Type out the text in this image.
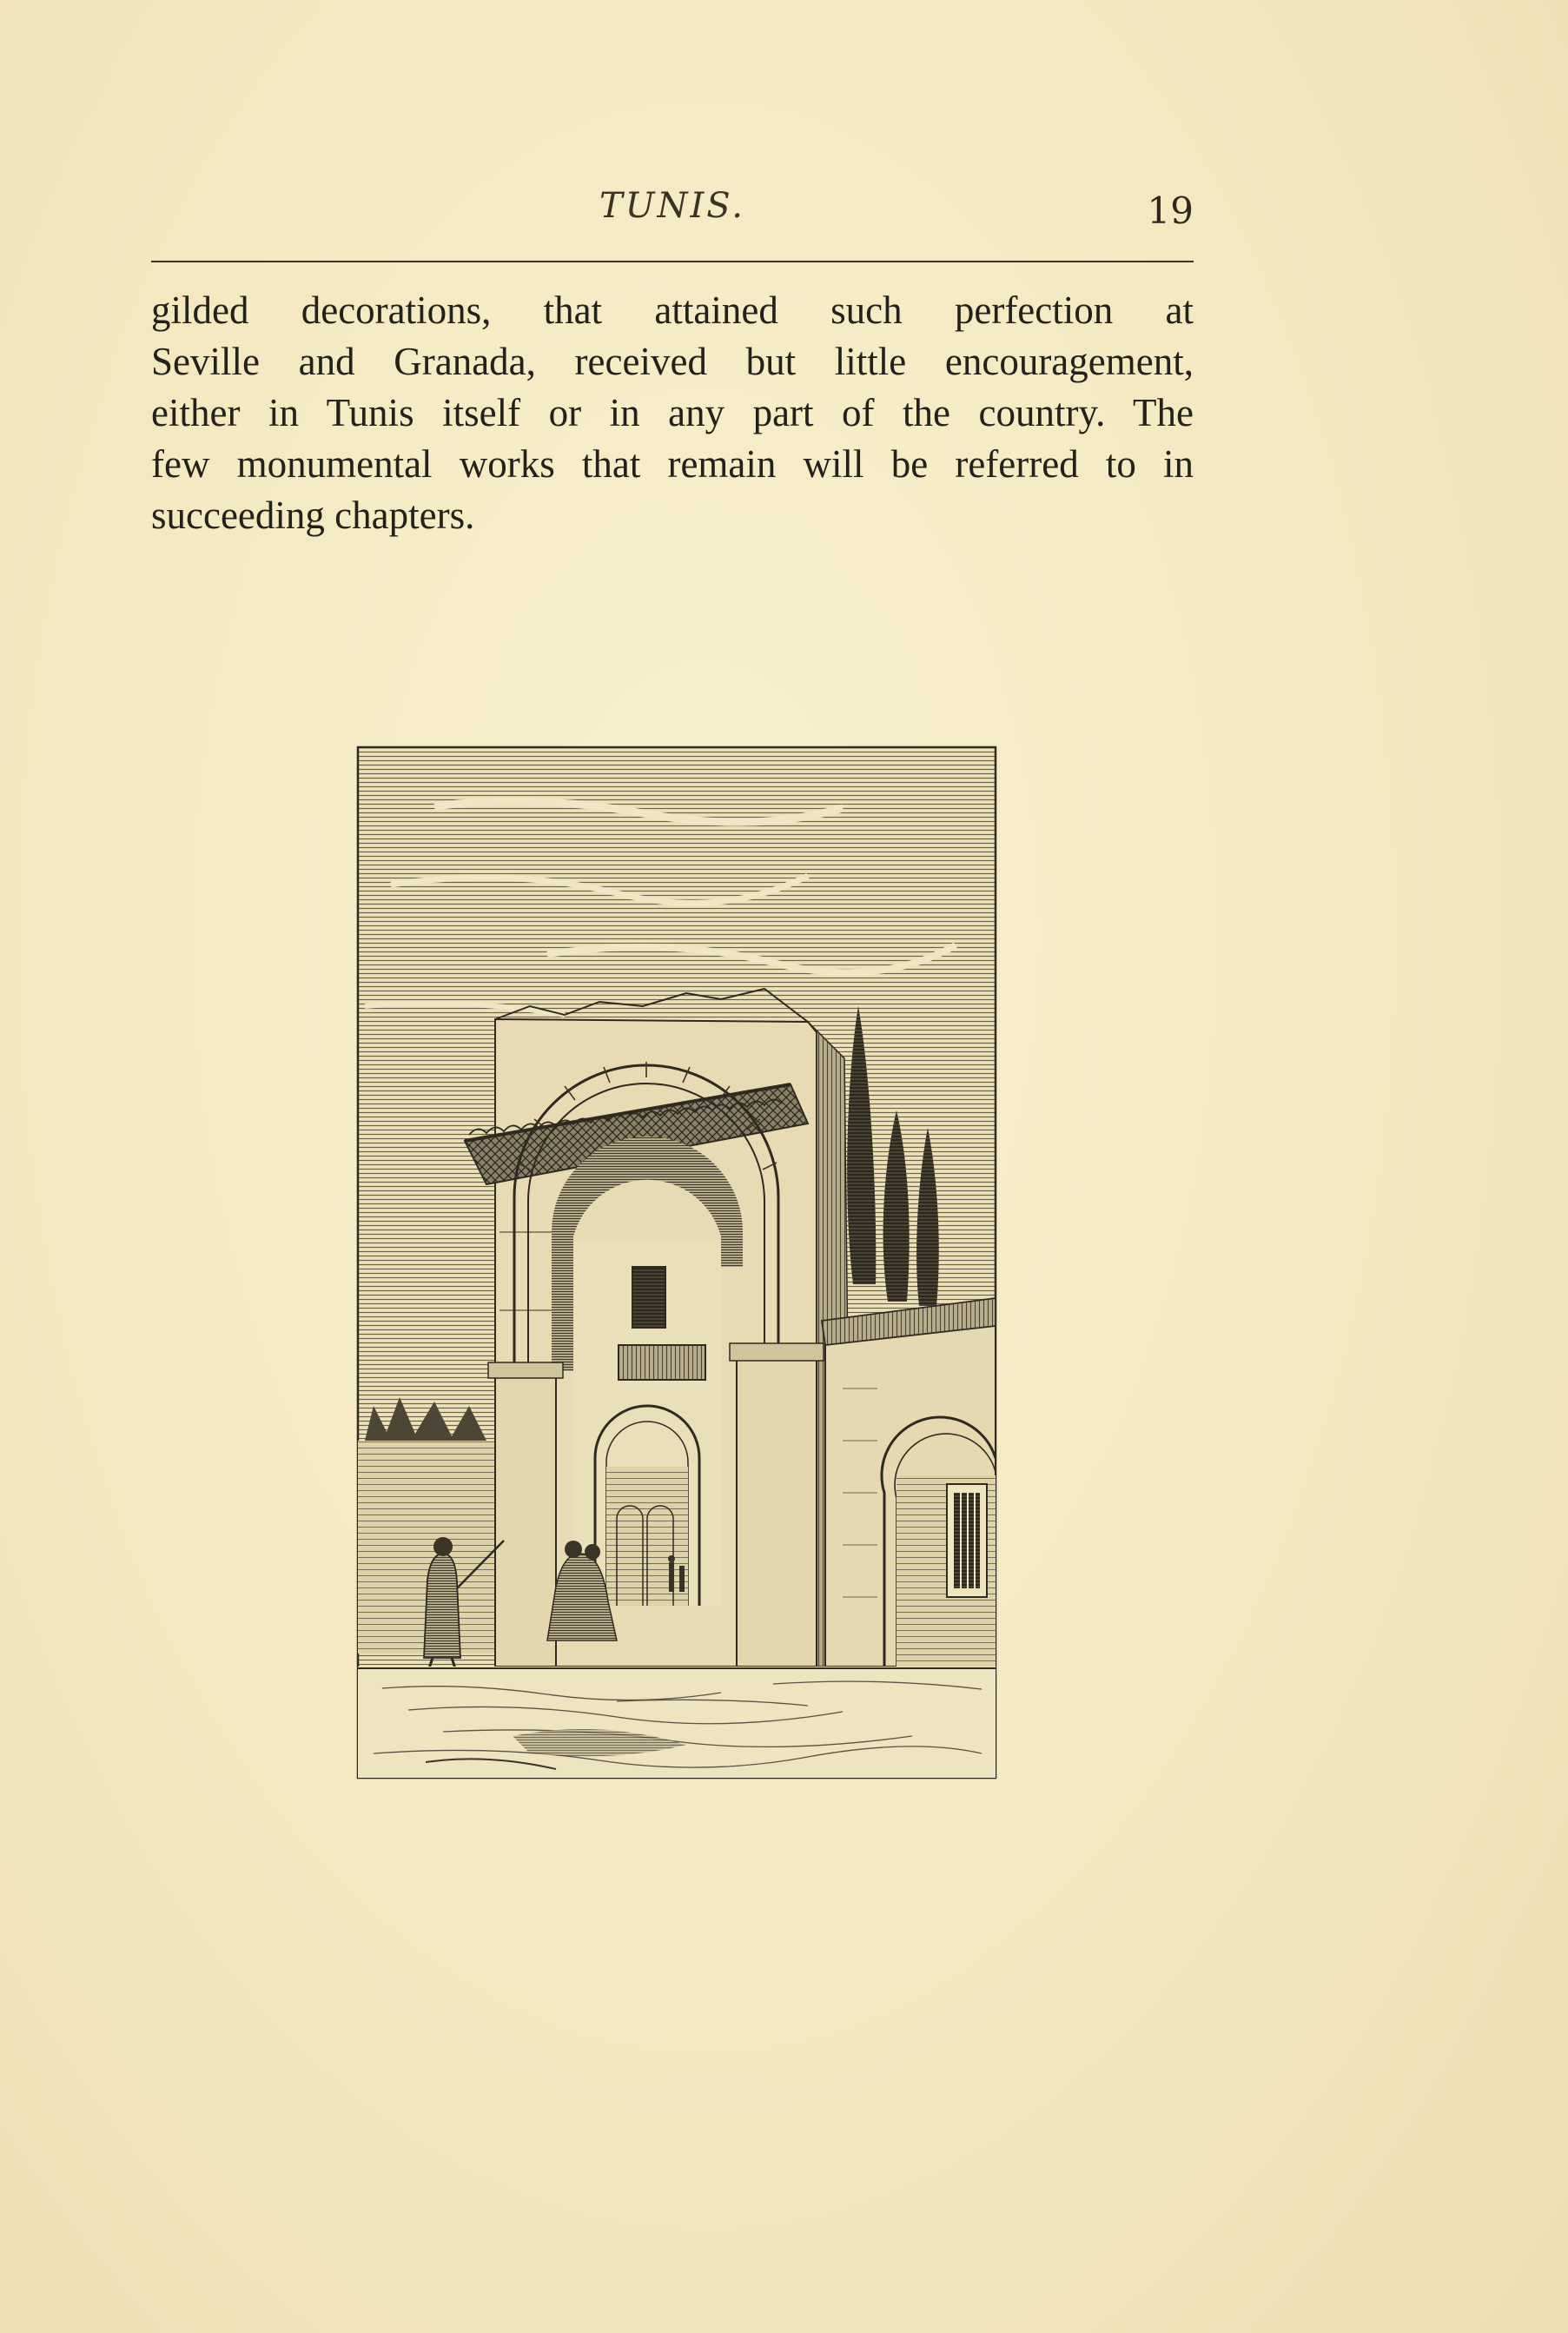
TUNIS.	19
gilded decorations, that attained such perfection at
Seville and Granada, received but little encouragement,
either in Tunis itself or in any part of the country. The
few monumental works that remain will be referred to in
succeeding chapters.
